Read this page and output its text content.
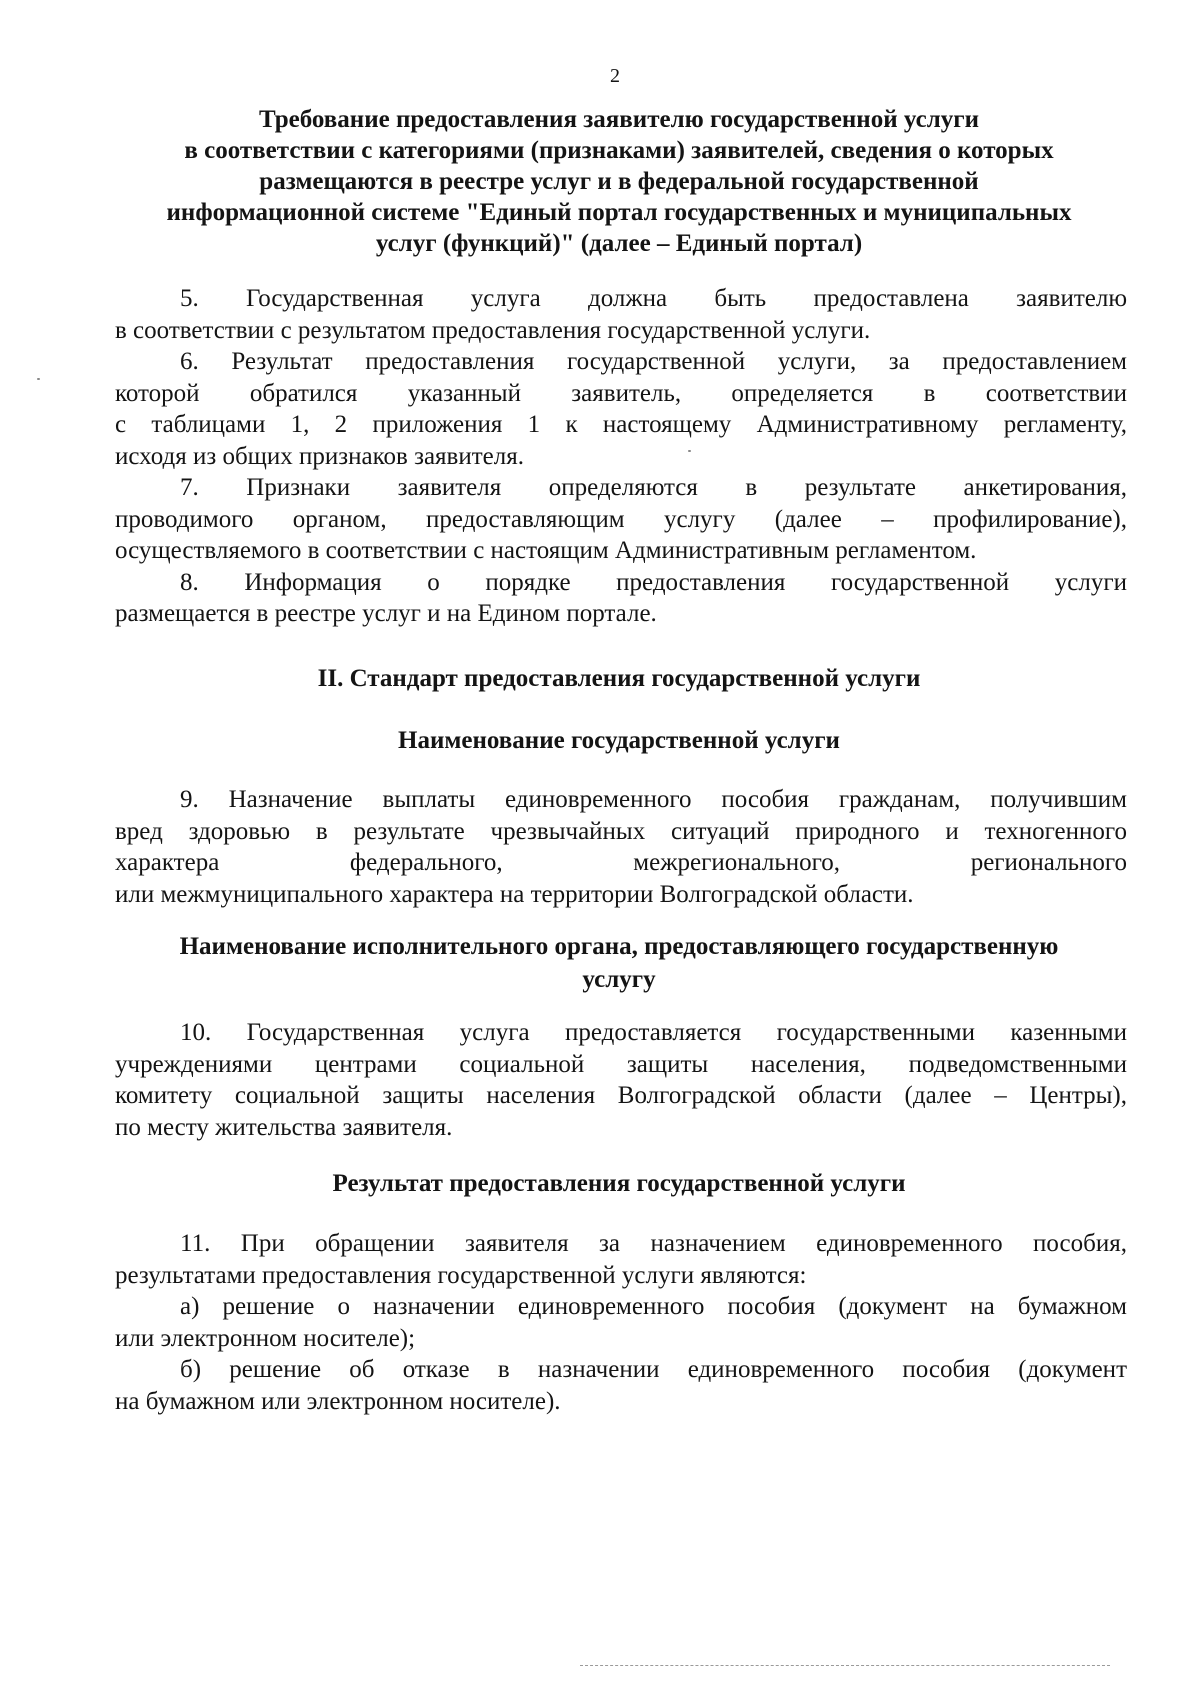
2
Требование предоставления заявителю государственной услуги
в соответствии с категориями (признаками) заявителей, сведения о которых
размещаются в реестре услуг и в федеральной государственной
информационной системе "Единый портал государственных и муниципальных
услуг (функций)" (далее – Единый портал)

5. Государственная услуга должна быть предоставлена заявителю
в соответствии с результатом предоставления государственной услуги.

6. Результат предоставления государственной услуги, за предоставлением
которой обратился указанный заявитель, определяется в соответствии
с таблицами 1, 2 приложения 1 к настоящему Административному регламенту,
исходя из общих признаков заявителя.

7. Признаки заявителя определяются в результате анкетирования,
проводимого органом, предоставляющим услугу (далее – профилирование),
осуществляемого в соответствии с настоящим Административным регламентом.

8. Информация о порядке предоставления государственной услуги
размещается в реестре услуг и на Едином портале.

II. Стандарт предоставления государственной услуги
Наименование государственной услуги

9. Назначение выплаты единовременного пособия гражданам, получившим
вред здоровью в результате чрезвычайных ситуаций природного и техногенного
характера федерального, межрегионального, регионального
или межмуниципального характера на территории Волгоградской области.

Наименование исполнительного органа, предоставляющего государственную
услугу

10. Государственная услуга предоставляется государственными казенными
учреждениями центрами социальной защиты населения, подведомственными
комитету социальной защиты населения Волгоградской области (далее – Центры),
по месту жительства заявителя.

Результат предоставления государственной услуги

11. При обращении заявителя за назначением единовременного пособия,
результатами предоставления государственной услуги являются:

а) решение о назначении единовременного пособия (документ на бумажном
или электронном носителе);

б) решение об отказе в назначении единовременного пособия (документ
на бумажном или электронном носителе).
